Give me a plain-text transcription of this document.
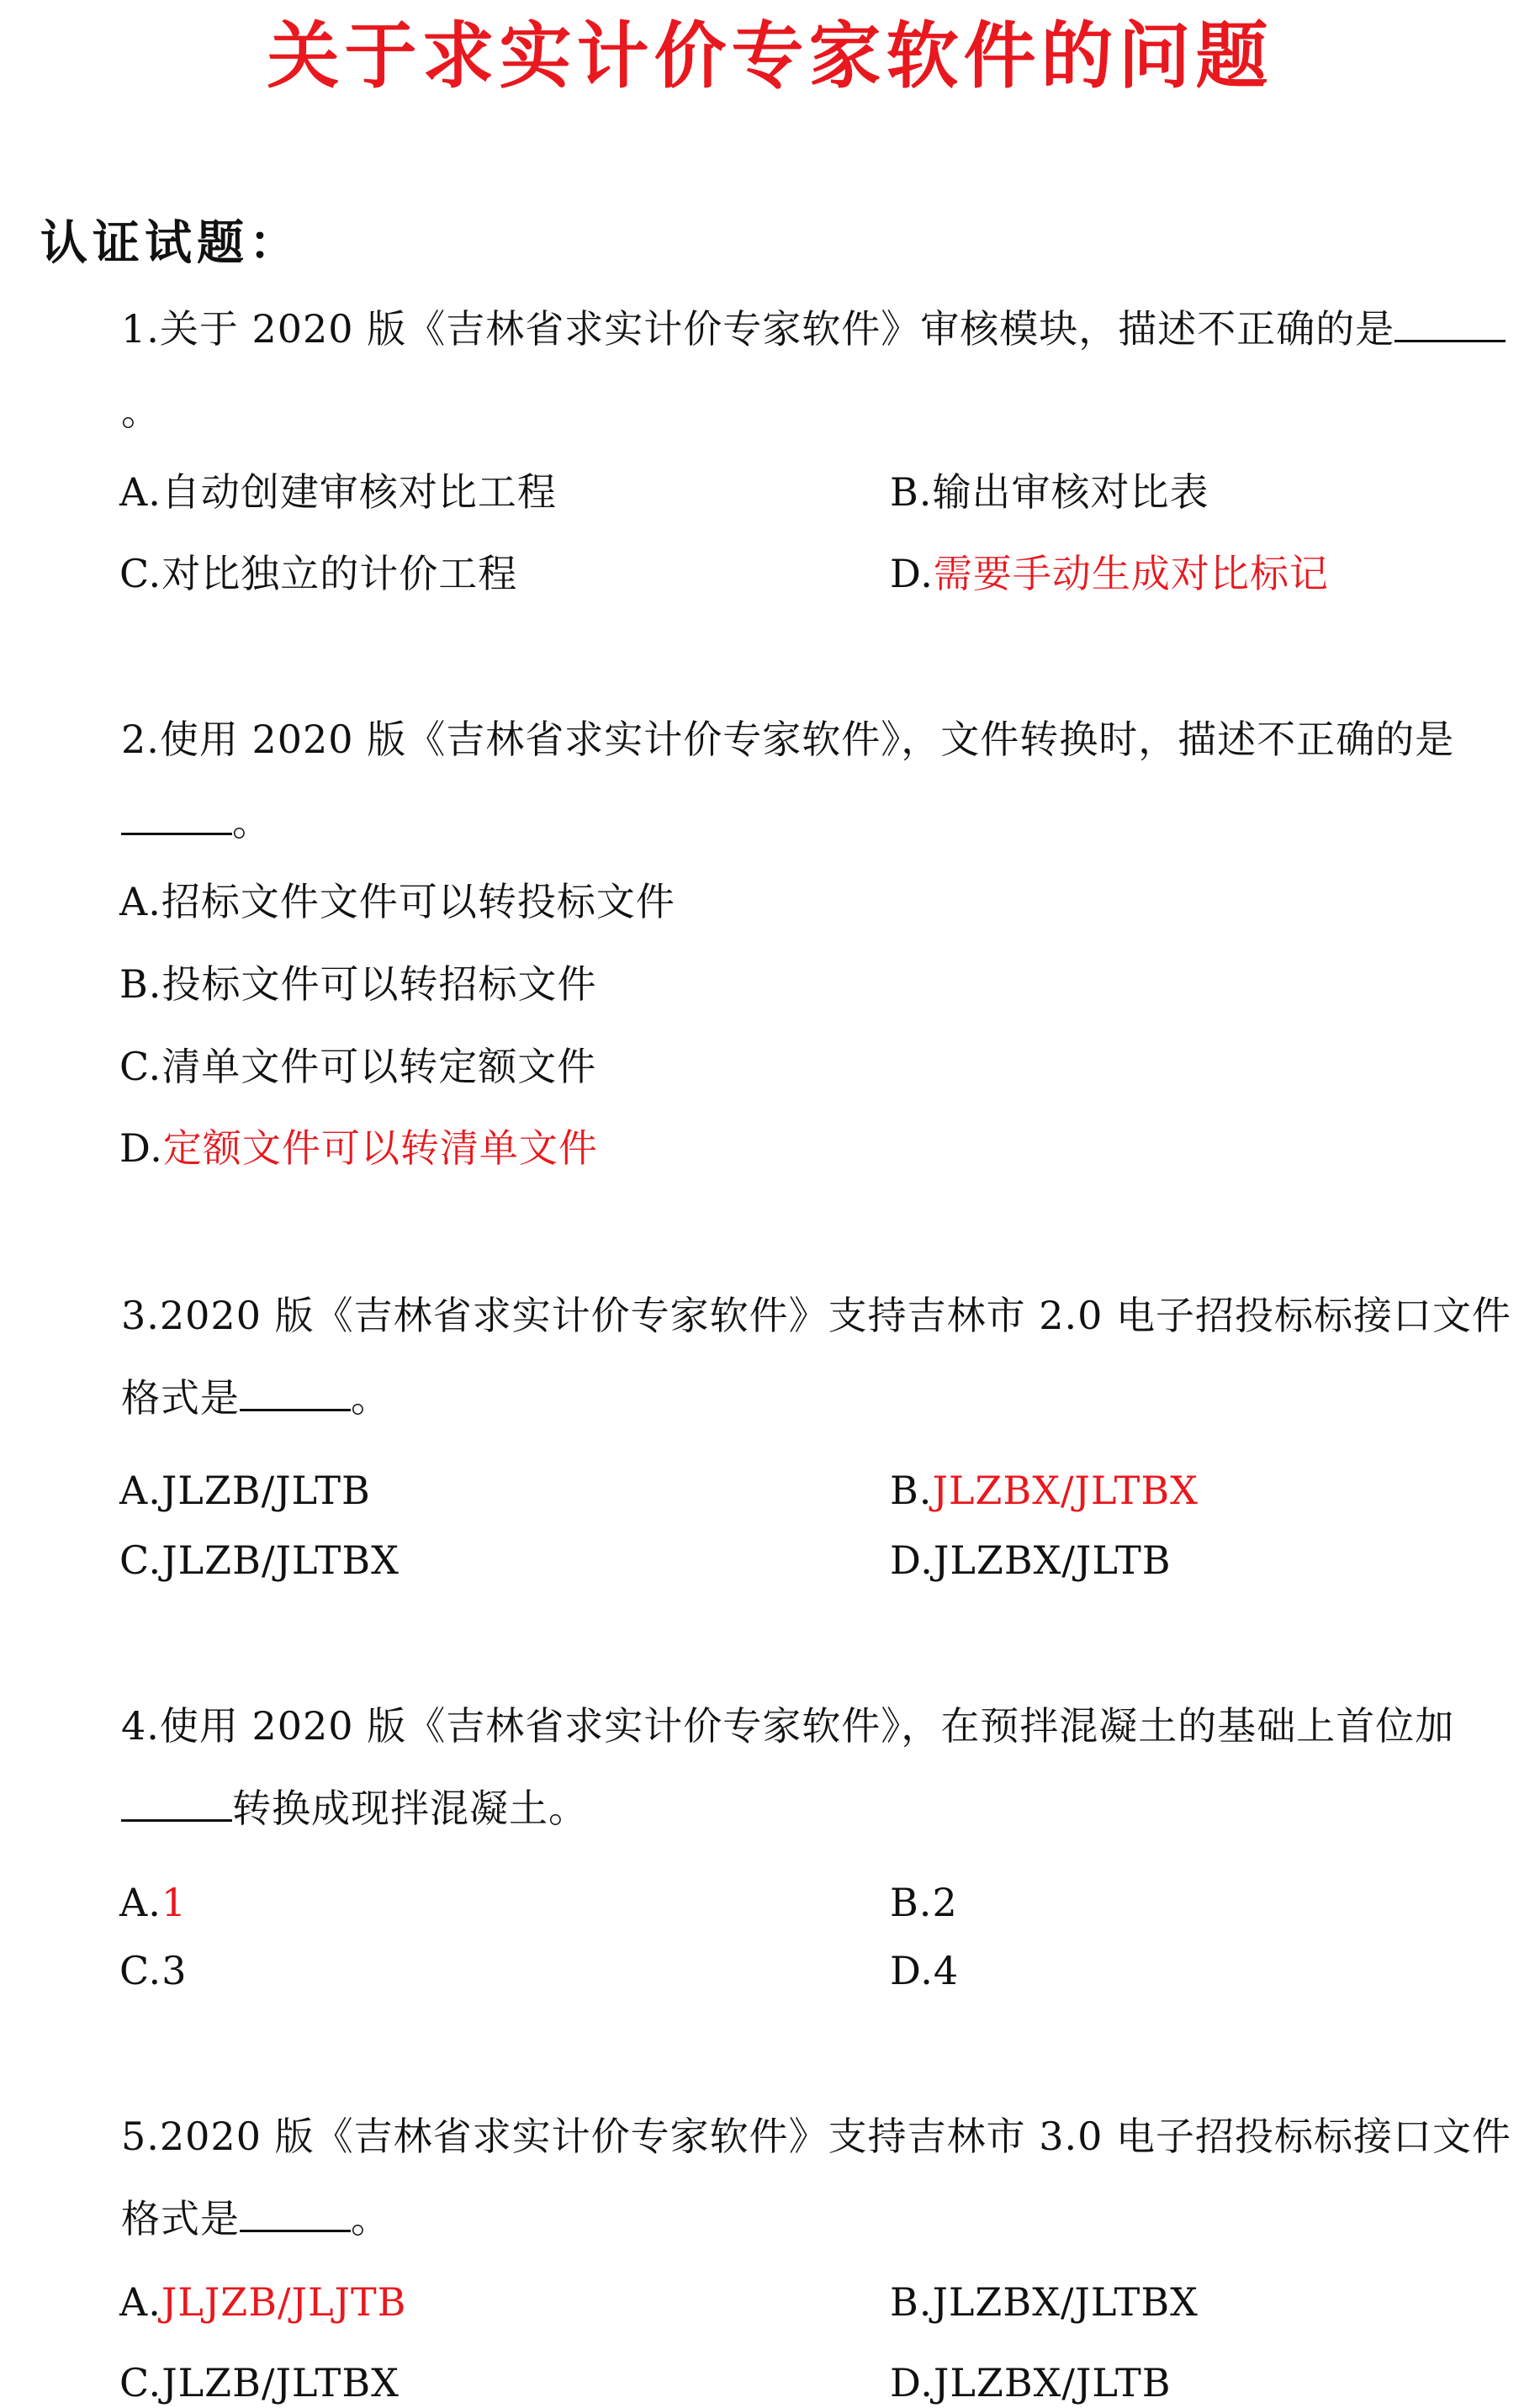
关于求实计价专家软件的问题
认证试题：
1.关于 2020 版《吉林省求实计价专家软件》审核模块，描述不正确的是。
A.自动创建审核对比工程	B.输出审核对比表
C.对比独立的计价工程	D.需要手动生成对比标记
2.使用 2020 版《吉林省求实计价专家软件》，文件转换时，描述不正确的是。
A.招标文件文件可以转投标文件
B.投标文件可以转招标文件
C.清单文件可以转定额文件
D.定额文件可以转清单文件
3.2020 版《吉林省求实计价专家软件》支持吉林市 2.0 电子招投标标接口文件格式是	。
A.JLZB/JLTB	B.JLZBX/JLTBX
C.JLZB/JLTBX	D.JLZBX/JLTB
4.使用 2020 版《吉林省求实计价专家软件》，在预拌混凝土的基础上首位加转换成现拌混凝土。
A.1	B.2
C.3	D.4
5.2020 版《吉林省求实计价专家软件》支持吉林市 3.0 电子招投标标接口文件格式是	。
A.JLJZB/JLJTB	B.JLZBX/JLTBX
C.JLZB/JLTBX	D.JLZBX/JLTB
